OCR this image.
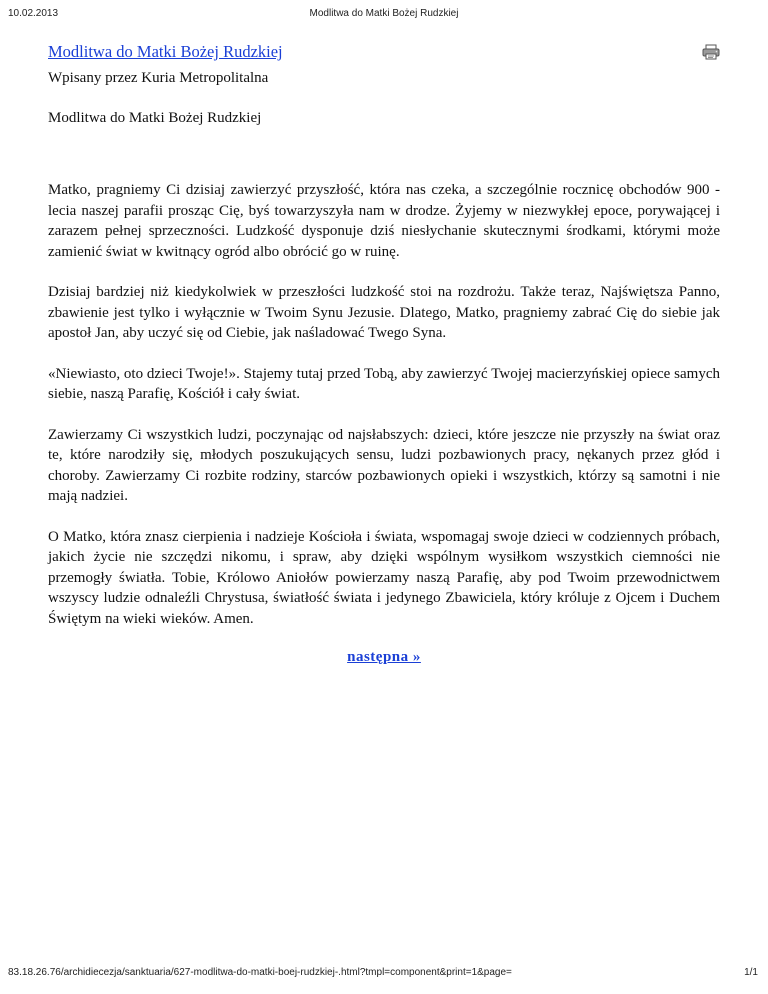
10.02.2013	Modlitwa do Matki Bożej Rudzkiej
Modlitwa do Matki Bożej Rudzkiej
Wpisany przez Kuria Metropolitalna
Modlitwa do Matki Bożej Rudzkiej

Matko, pragniemy Ci dzisiaj zawierzyć przyszłość, która nas czeka, a szczególnie rocznicę obchodów 900 - lecia naszej parafii prosząc Cię, byś towarzyszyła nam w drodze. Żyjemy w niezwykłej epoce, porywającej i zarazem pełnej sprzeczności. Ludzkość dysponuje dziś niesłychanie skutecznymi środkami, którymi może zamienić świat w kwitnący ogród albo obrócić go w ruinę.

Dzisiaj bardziej niż kiedykolwiek w przeszłości ludzkość stoi na rozdrożu. Także teraz, Najświętsza Panno, zbawienie jest tylko i wyłącznie w Twoim Synu Jezusie. Dlatego, Matko, pragniemy zabrać Cię do siebie jak apostoł Jan, aby uczyć się od Ciebie, jak naśladować Twego Syna.

«Niewiasto, oto dzieci Twoje!». Stajemy tutaj przed Tobą, aby zawierzyć Twojej macierzyńskiej opiece samych siebie, naszą Parafię, Kościół i cały świat.

Zawierzamy Ci wszystkich ludzi, poczynając od najsłabszych: dzieci, które jeszcze nie przyszły na świat oraz te, które narodziły się, młodych poszukujących sensu, ludzi pozbawionych pracy, nękanych przez głód i choroby. Zawierzamy Ci rozbite rodziny, starców pozbawionych opieki i wszystkich, którzy są samotni i nie mają nadziei.

O Matko, która znasz cierpienia i nadzieje Kościoła i świata, wspomagaj swoje dzieci w codziennych próbach, jakich życie nie szczędzi nikomu, i spraw, aby dzięki wspólnym wysiłkom wszystkich ciemności nie przemogły światła. Tobie, Królowo Aniołów powierzamy naszą Parafię, aby pod Twoim przewodnictwem wszyscy ludzie odnaleźli Chrystusa, światłość świata i jedynego Zbawiciela, który króluje z Ojcem i Duchem Świętym na wieki wieków. Amen.

następna »
83.18.26.76/archidiecezja/sanktuaria/627-modlitwa-do-matki-boej-rudzkiej-.html?tmpl=component&print=1&page=	1/1
